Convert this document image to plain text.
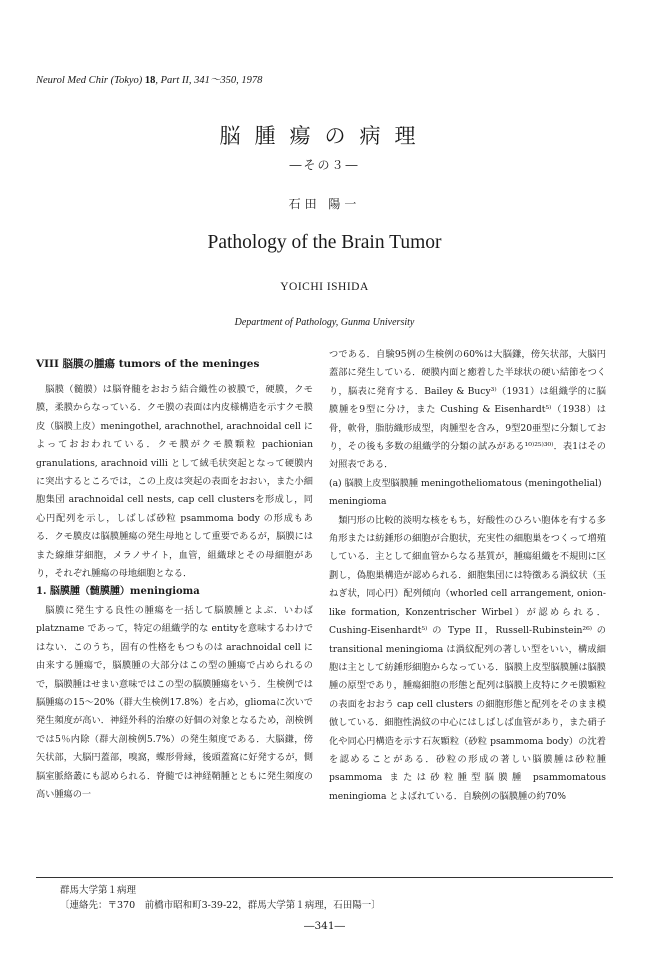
Neurol Med Chir (Tokyo) 18, Part II, 341～350, 1978
脳腫瘍の病理
―その３―
石田 陽一
Pathology of the Brain Tumor
YOICHI ISHIDA
Department of Pathology, Gunma University
VIII 脳膜の腫瘍 tumors of the meninges

脳膜（髄膜）は脳脊髄をおおう結合織性の被膜で，硬膜，クモ膜，柔膜からなっている．クモ膜の表面は内皮様構造を示すクモ膜皮（脳膜上皮）meningothel, arachnothel, arachnoidal cell によっておおわれている．クモ膜がクモ膜顆粒 pachionian granulations, arachnoid villi として絨毛状突起となって硬膜内に突出するところでは，この上皮は突起の表面をおおい，また小細胞集団 arachnoidal cell nests, cap cell clustersを形成し，同心円配列を示し，しばしば砂粒 psammoma body の形成もある．クモ膜皮は脳膜腫瘍の発生母地として重要であるが，脳膜にはまた線維芽細胞，メラノサイト，血管，組織球とその母細胞があり，それぞれ腫瘍の母地細胞となる．

1. 脳膜腫（髄膜腫）meningioma

脳膜に発生する良性の腫瘍を一括して脳膜腫とよぶ．いわば platzname であって，特定の組織学的な entityを意味するわけではない．このうち，固有の性格をもつものは arachnoidal cell に由来する腫瘍で，脳膜腫の大部分はこの型の腫瘍で占められるので，脳膜腫はせまい意味ではこの型の脳膜腫瘍をいう．生検例では脳腫瘍の15～20%（群大生検例17.8%）を占め，gliomaに次いで発生頻度が高い．神経外科的治療の好個の対象となるため，剖検例では5％内除（群大剖検例5.7%）の発生頻度である．大脳鎌，傍矢状部，大脳円蓋部，嗅窩，蝶形骨縁，後頭蓋窩に好発するが，側脳室脈絡叢にも認められる．脊髄では神経鞘腫とともに発生頻度の高い腫瘍の一

つである．自験95例の生検例の60%は大脳鎌，傍矢状部，大脳円蓋部に発生している．硬膜内面と癒着した半球状の硬い結節をつくり，脳表に発育する．Bailey & Bucy³⁾（1931）は組織学的に脳膜腫を9型に分け，また Cushing & Eisenhardt⁵⁾（1938）は骨，軟骨，脂肪織形成型，肉腫型を含み，9型20亜型に分類しており，その後も多数の組織学的分類の試みがある¹⁰⁾²⁵⁾³⁰⁾．表1はその対照表である．

(a) 脳膜上皮型脳膜腫 meningotheliomatous (meningothelial) meningioma

類円形の比較的淡明な核をもち，好酸性のひろい胞体を有する多角形または紡錘形の細胞が合胞状，充実性の細胞巣をつくって増殖している．主として細血管からなる基質が，腫瘍組織を不規則に区劃し，偽胞巣構造が認められる．細胞集団には特徴ある渦紋状（玉ねぎ状，同心円）配列傾向（whorled cell arrangement, onion-like formation, Konzentrischer Wirbel）が認められる．Cushing-Eisenhardt⁵⁾ の Type II，Russell-Rubinstein²⁶⁾ の transitional meningioma は渦紋配列の著しい型をいい，構成細胞は主として紡錘形細胞からなっている．脳膜上皮型脳膜腫は脳膜腫の原型であり，腫瘍細胞の形態と配列は脳膜上皮特にクモ膜顆粒の表面をおおう cap cell clusters の細胞形態と配列をそのまま模倣している．細胞性渦紋の中心にはしばしば血管があり，また硝子化や同心円構造を示す石灰顆粒（砂粒 psammoma body）の沈着を認めることがある．砂粒の形成の著しい脳膜腫は砂粒腫 psammoma または砂粒腫型脳膜腫 psammomatous meningioma とよばれている．自験例の脳膜腫の約70%

群馬大学第１病理
〔連絡先：〒370　前橋市昭和町3-39-22，群馬大学第１病理，石田陽一〕
―341―
